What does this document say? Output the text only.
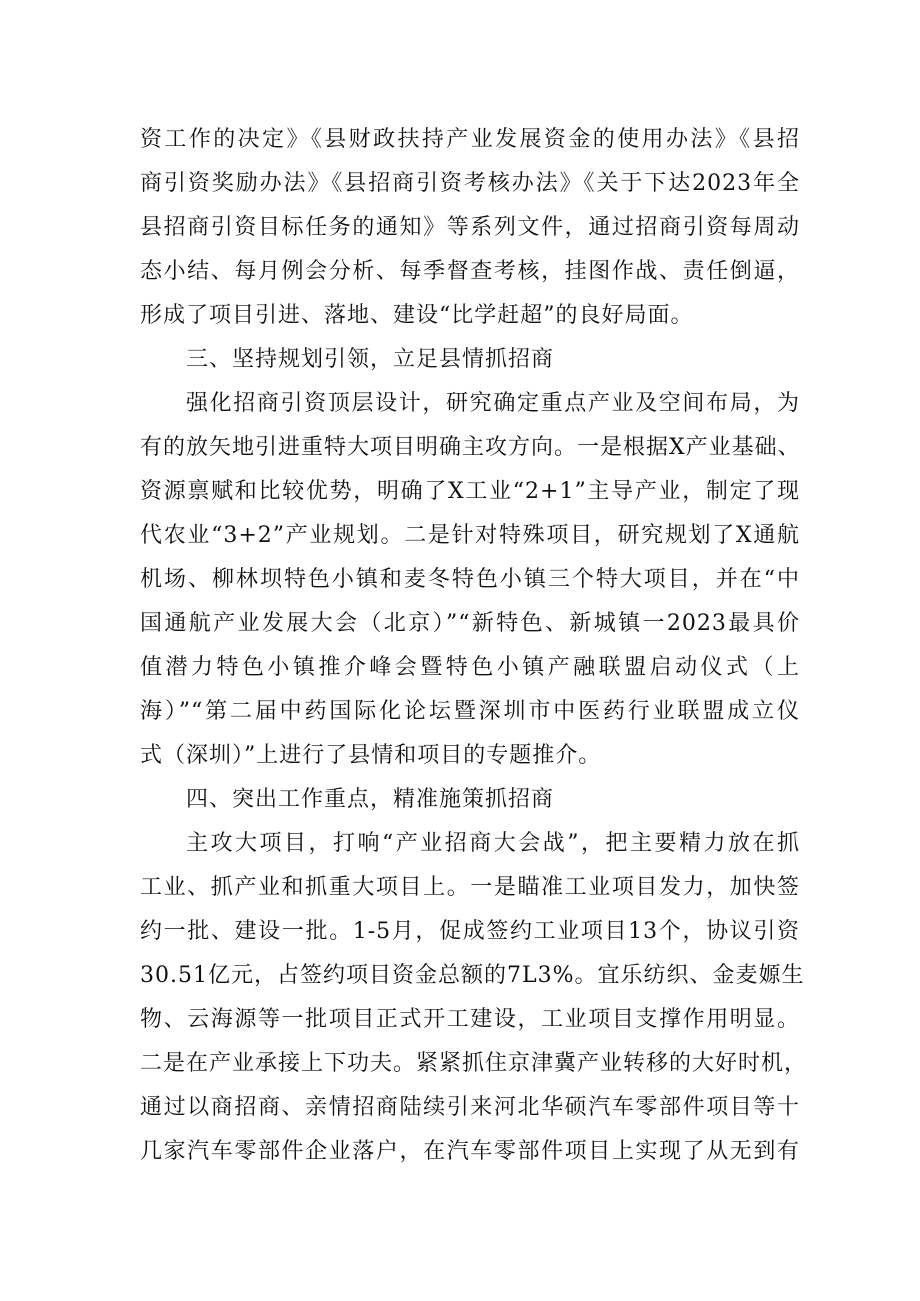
资工作的决定》《县财政扶持产业发展资金的使用办法》《县招
商引资奖励办法》《县招商引资考核办法》《关于下达2023年全
县招商引资目标任务的通知》等系列文件，通过招商引资每周动
态小结、每月例会分析、每季督查考核，挂图作战、责任倒逼，
形成了项目引进、落地、建设“比学赶超”的良好局面。
三、坚持规划引领，立足县情抓招商
强化招商引资顶层设计，研究确定重点产业及空间布局，为
有的放矢地引进重特大项目明确主攻方向。一是根据X产业基础、
资源禀赋和比较优势，明确了X工业“2+1”主导产业，制定了现
代农业“3+2”产业规划。二是针对特殊项目，研究规划了X通航
机场、柳林坝特色小镇和麦冬特色小镇三个特大项目，并在“中
国通航产业发展大会（北京）”“新特色、新城镇一2023最具价
值潜力特色小镇推介峰会暨特色小镇产融联盟启动仪式（上
海）”“第二届中药国际化论坛暨深圳市中医药行业联盟成立仪
式（深圳）”上进行了县情和项目的专题推介。
四、突出工作重点，精准施策抓招商
主攻大项目，打响“产业招商大会战”，把主要精力放在抓
工业、抓产业和抓重大项目上。一是瞄准工业项目发力，加快签
约一批、建设一批。1-5月，促成签约工业项目13个，协议引资
30.51亿元，占签约项目资金总额的7L3%。宜乐纺织、金麦嫄生
物、云海源等一批项目正式开工建设，工业项目支撑作用明显。
二是在产业承接上下功夫。紧紧抓住京津冀产业转移的大好时机，
通过以商招商、亲情招商陆续引来河北华硕汽车零部件项目等十
几家汽车零部件企业落户，在汽车零部件项目上实现了从无到有
